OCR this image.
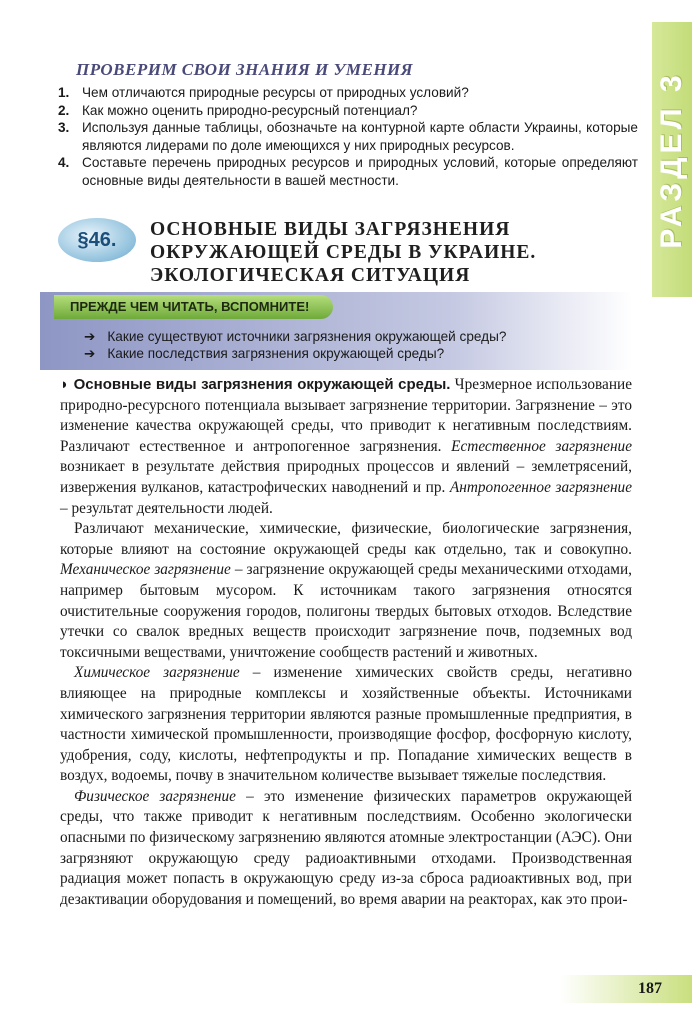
РАЗДЕЛ 3
ПРОВЕРИМ СВОИ ЗНАНИЯ И УМЕНИЯ
1. Чем отличаются природные ресурсы от природных условий?
2. Как можно оценить природно-ресурсный потенциал?
3. Используя данные таблицы, обозначьте на контурной карте области Украины, которые являются лидерами по доле имеющихся у них природных ресурсов.
4. Составьте перечень природных ресурсов и природных условий, которые определяют основные виды деятельности в вашей местности.
§46.	ОСНОВНЫЕ ВИДЫ ЗАГРЯЗНЕНИЯ
ОКРУЖАЮЩЕЙ СРЕДЫ В УКРАИНЕ.
ЭКОЛОГИЧЕСКАЯ СИТУАЦИЯ
ПРЕЖДЕ ЧЕМ ЧИТАТЬ, ВСПОМНИТЕ!
➔ Какие существуют источники загрязнения окружающей среды?
➔ Какие последствия загрязнения окружающей среды?

◗ Основные виды загрязнения окружающей среды. Чрезмерное использование природно-ресурсного потенциала вызывает загрязнение территории. Загрязнение – это изменение качества окружающей среды, что приводит к негативным последствиям. Различают естественное и антропогенное загрязнения. Естественное загрязнение возникает в результате действия природных процессов и явлений – землетрясений, извержения вулканов, катастрофических наводнений и пр. Антропогенное загрязнение – результат деятельности людей.

Различают механические, химические, физические, биологические загрязнения, которые влияют на состояние окружающей среды как отдельно, так и совокупно. Механическое загрязнение – загрязнение окружающей среды механическими отходами, например бытовым мусором. К источникам такого загрязнения относятся очистительные сооружения городов, полигоны твердых бытовых отходов. Вследствие утечки со свалок вредных веществ происходит загрязнение почв, подземных вод токсичными веществами, уничтожение сообществ растений и животных.

Химическое загрязнение – изменение химических свойств среды, негативно влияющее на природные комплексы и хозяйственные объекты. Источниками химического загрязнения территории являются разные промышленные предприятия, в частности химической промышленности, производящие фосфор, фосфорную кислоту, удобрения, соду, кислоты, нефтепродукты и пр. Попадание химических веществ в воздух, водоемы, почву в значительном количестве вызывает тяжелые последствия.

Физическое загрязнение – это изменение физических параметров окружающей среды, что также приводит к негативным последствиям. Особенно экологически опасными по физическому загрязнению являются атомные электростанции (АЭС). Они загрязняют окружающую среду радиоактивными отходами. Производственная радиация может попасть в окружающую среду из-за сброса радиоактивных вод, при дезактивации оборудования и помещений, во время аварии на реакторах, как это прои-

187
